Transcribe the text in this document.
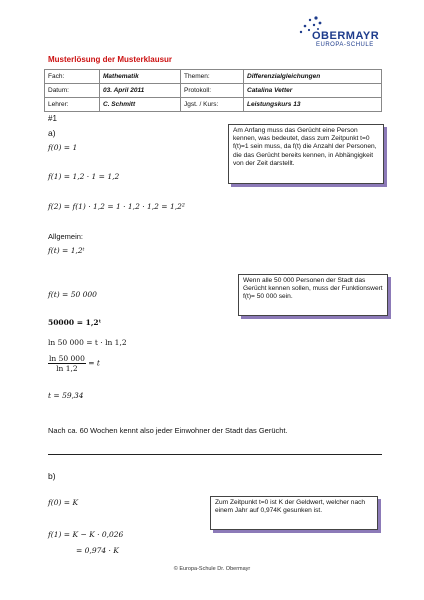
OBERMAYR
EUROPA-SCHULE
Musterlösung der Musterklausur
Fach:	Mathematik	Themen:	Differenzialgleichungen
Datum:	03. April 2011	Protokoll:	Catalina Vetter
Lehrer:	C. Schmitt	Jgst. / Kurs:	Leistungskurs 13
#1
a)
f(0) = 1
f(1) = 1,2 · 1 = 1,2
f(2) = f(1) · 1,2 = 1 · 1,2 · 1,2 = 1,2²
Allgemein:
f(t) = 1,2ᵗ
f(t) = 50 000
50000 = 1,2ᵗ
ln 50 000 = t · ln 1,2
$\frac{\ln 50 000}{\ln 1,2} = t$
t = 59,34
Nach ca. 60 Wochen kennt also jeder Einwohner der Stadt das Gerücht.
Am Anfang muss das Gerücht eine Person kennen, was bedeutet, dass zum Zeitpunkt t=0 f(t)=1 sein muss, da f(t) die Anzahl der Personen, die das Gerücht bereits kennen, in Abhängigkeit von der Zeit darstellt.
Wenn alle 50 000 Personen der Stadt das Gerücht kennen sollen, muss der Funktionswert f(t)= 50 000 sein.
b)
f(0) = K
f(1) = K − K · 0,026
= 0,974 · K
Zum Zeitpunkt t=0 ist K der Geldwert, welcher nach einem Jahr auf 0,974K gesunken ist.
© Europa-Schule Dr. Obermayr
